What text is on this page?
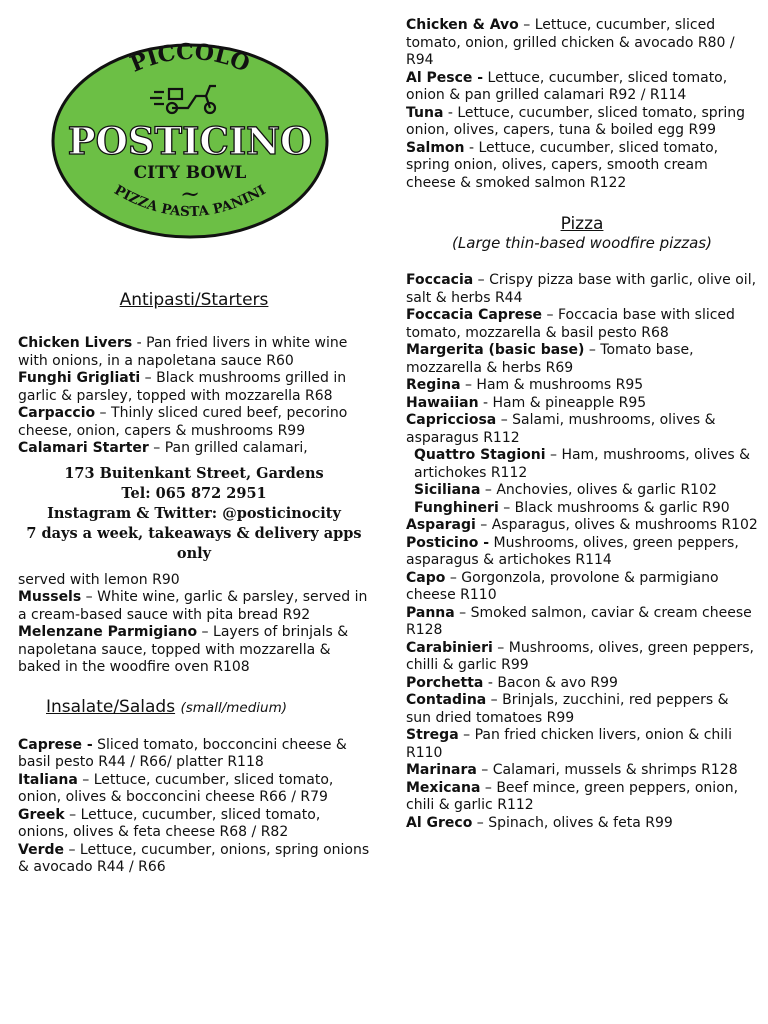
PICCOLO
POSTICINO
CITY BOWL
~
PIZZA PASTA PANINI

Antipasti/Starters

Chicken Livers - Pan fried livers in white wine with onions, in a napoletana sauce R60

Funghi Grigliati – Black mushrooms grilled in garlic & parsley, topped with mozzarella R68

Carpaccio – Thinly sliced cured beef, pecorino cheese, onion, capers & mushrooms R99

Calamari Starter – Pan grilled calamari,

173 Buitenkant Street, Gardens

Tel: 065 872 2951

Instagram & Twitter: @posticinocity

7 days a week, takeaways & delivery apps only

served with lemon R90

Mussels – White wine, garlic & parsley, served in a cream-based sauce with pita bread R92

Melenzane Parmigiano – Layers of brinjals & napoletana sauce, topped with mozzarella & baked in the woodfire oven R108

Insalate/Salads (small/medium)

Caprese - Sliced tomato, bocconcini cheese & basil pesto R44 / R66/ platter R118

Italiana – Lettuce, cucumber, sliced tomato, onion, olives & bocconcini cheese R66 / R79

Greek – Lettuce, cucumber, sliced tomato, onions, olives & feta cheese R68 / R82

Verde – Lettuce, cucumber, onions, spring onions & avocado R44 / R66

Chicken & Avo – Lettuce, cucumber, sliced tomato, onion, grilled chicken & avocado R80 / R94

Al Pesce - Lettuce, cucumber, sliced tomato, onion & pan grilled calamari R92 / R114

Tuna - Lettuce, cucumber, sliced tomato, spring onion, olives, capers, tuna & boiled egg R99

Salmon - Lettuce, cucumber, sliced tomato, spring onion, olives, capers, smooth cream cheese & smoked salmon R122

Pizza

(Large thin-based woodfire pizzas)

Foccacia – Crispy pizza base with garlic, olive oil, salt & herbs R44

Foccacia Caprese – Foccacia base with sliced tomato, mozzarella & basil pesto R68

Margerita (basic base) – Tomato base, mozzarella & herbs R69

Regina – Ham & mushrooms R95

Hawaiian - Ham & pineapple R95

Capricciosa – Salami, mushrooms, olives & asparagus R112

Quattro Stagioni – Ham, mushrooms, olives & artichokes R112

Siciliana – Anchovies, olives & garlic R102

Funghineri – Black mushrooms & garlic R90

Asparagi – Asparagus, olives & mushrooms R102

Posticino - Mushrooms, olives, green peppers, asparagus & artichokes R114

Capo – Gorgonzola, provolone & parmigiano cheese R110

Panna – Smoked salmon, caviar & cream cheese R128

Carabinieri – Mushrooms, olives, green peppers, chilli & garlic R99

Porchetta - Bacon & avo R99

Contadina – Brinjals, zucchini, red peppers & sun dried tomatoes R99

Strega – Pan fried chicken livers, onion & chili R110

Marinara – Calamari, mussels & shrimps R128

Mexicana – Beef mince, green peppers, onion, chili & garlic R112

Al Greco – Spinach, olives & feta R99
